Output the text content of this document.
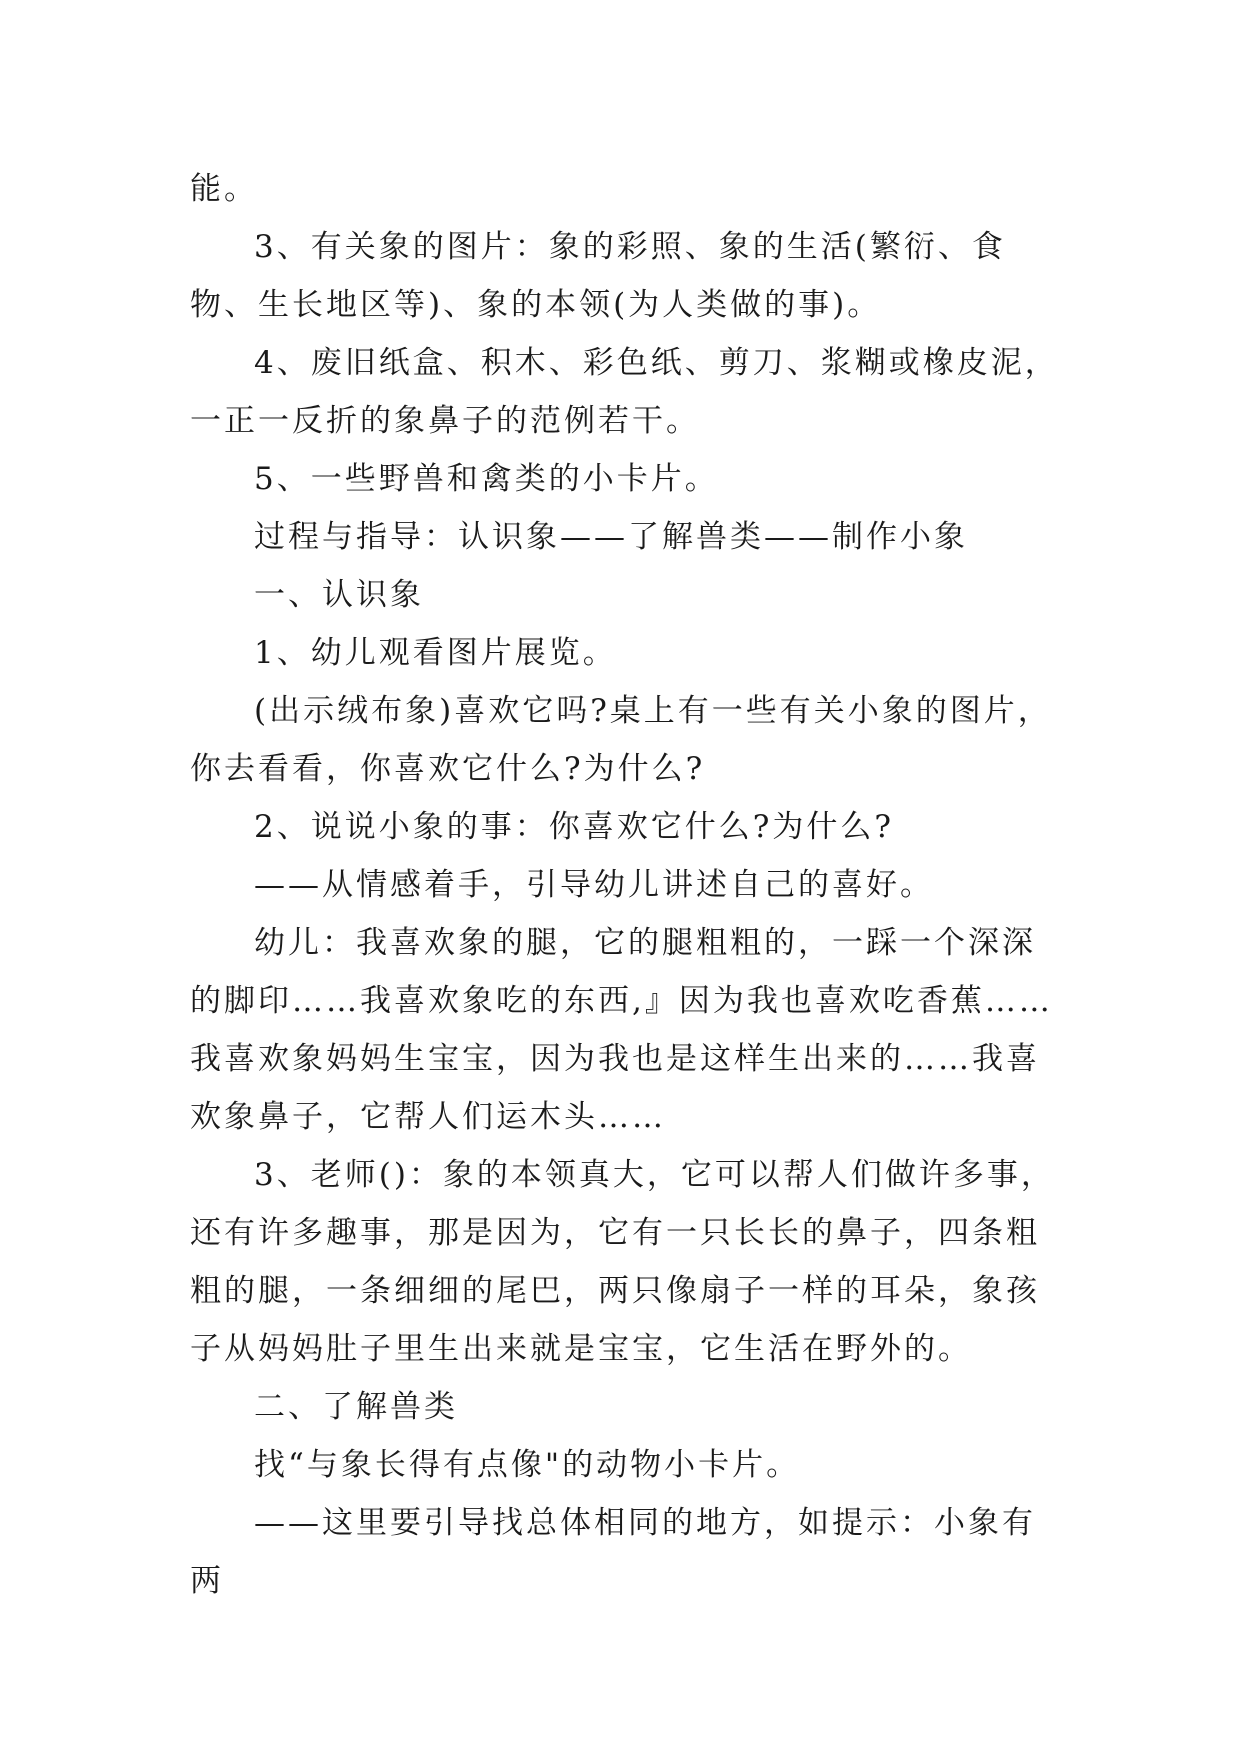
能。

3、有关象的图片：象的彩照、象的生活(繁衍、食物、生长地区等)、象的本领(为人类做的事)。

4、废旧纸盒、积木、彩色纸、剪刀、浆糊或橡皮泥，一正一反折的象鼻子的范例若干。

5、一些野兽和禽类的小卡片。

过程与指导：认识象——了解兽类——制作小象

一、认识象

1、幼儿观看图片展览。

(出示绒布象)喜欢它吗?桌上有一些有关小象的图片，你去看看，你喜欢它什么?为什么?

2、说说小象的事：你喜欢它什么?为什么?

——从情感着手，引导幼儿讲述自己的喜好。

幼儿：我喜欢象的腿，它的腿粗粗的，一踩一个深深的脚印……我喜欢象吃的东西,』因为我也喜欢吃香蕉……我喜欢象妈妈生宝宝，因为我也是这样生出来的……我喜欢象鼻子，它帮人们运木头……

3、老师()：象的本领真大，它可以帮人们做许多事，还有许多趣事，那是因为，它有一只长长的鼻子，四条粗粗的腿，一条细细的尾巴，两只像扇子一样的耳朵，象孩子从妈妈肚子里生出来就是宝宝，它生活在野外的。

二、了解兽类

找“与象长得有点像"的动物小卡片。

——这里要引导找总体相同的地方，如提示：小象有两
